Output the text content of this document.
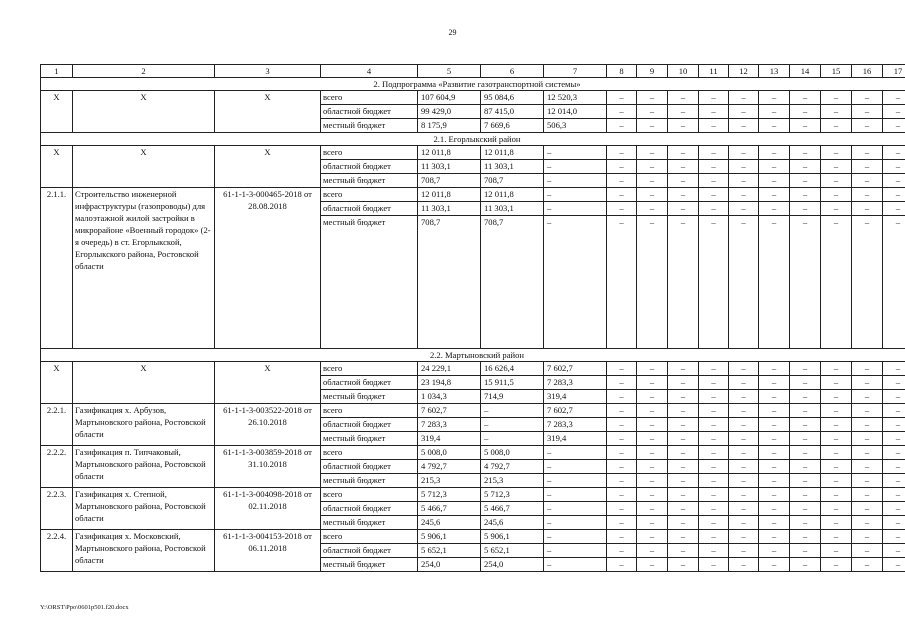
29
1	2	3	4	5	6	7	8	9	10	11	12	13	14	15	16	17
2. Подпрограмма «Развитие газотранспортной системы»																
X	X	X	всего	107 604,9	95 084,6	12 520,3	–	–	–	–	–	–	–	–	–	–
			областной бюджет	99 429,0	87 415,0	12 014,0	–	–	–	–	–	–	–	–	–	–
			местный бюджет	8 175,9	7 669,6	506,3	–	–	–	–	–	–	–	–	–	–
2.1. Егорлыкский район																
X	X	X	всего	12 011,8	12 011,8	–	–	–	–	–	–	–	–	–	–	–
			областной бюджет	11 303,1	11 303,1	–	–	–	–	–	–	–	–	–	–	–
			местный бюджет	708,7	708,7	–	–	–	–	–	–	–	–	–	–	–
2.1.1.	Строительство инженерной инфраструктуры (газопроводы) для малоэтажной жилой застройки в микрорайоне «Военный городок» (2-я очередь) в ст. Егорлыкской, Егорлыкского района, Ростовской области	61-1-1-3-000465-2018 от 28.08.2018	всего	12 011,8	12 011,8	–	–	–	–	–	–	–	–	–	–	–
			областной бюджет	11 303,1	11 303,1	–	–	–	–	–	–	–	–	–	–	–
			местный бюджет	708,7	708,7	–	–	–	–	–	–	–	–	–	–	–
2.2. Мартыновский район																
X	X	X	всего	24 229,1	16 626,4	7 602,7	–	–	–	–	–	–	–	–	–	–
			областной бюджет	23 194,8	15 911,5	7 283,3	–	–	–	–	–	–	–	–	–	–
			местный бюджет	1 034,3	714,9	319,4	–	–	–	–	–	–	–	–	–	–
2.2.1.	Газификация х. Арбузов, Мартыновского района, Ростовской области	61-1-1-3-003522-2018 от 26.10.2018	всего	7 602,7	–	7 602,7	–	–	–	–	–	–	–	–	–	–
			областной бюджет	7 283,3	–	7 283,3	–	–	–	–	–	–	–	–	–	–
			местный бюджет	319,4	–	319,4	–	–	–	–	–	–	–	–	–	–
2.2.2.	Газификация п. Типчаковый, Мартыновского района, Ростовской области	61-1-1-3-003859-2018 от 31.10.2018	всего	5 008,0	5 008,0	–	–	–	–	–	–	–	–	–	–	–
			областной бюджет	4 792,7	4 792,7	–	–	–	–	–	–	–	–	–	–	–
			местный бюджет	215,3	215,3	–	–	–	–	–	–	–	–	–	–	–
2.2.3.	Газификация х. Степной, Мартыновского района, Ростовской области	61-1-1-3-004098-2018 от 02.11.2018	всего	5 712,3	5 712,3	–	–	–	–	–	–	–	–	–	–	–
			областной бюджет	5 466,7	5 466,7	–	–	–	–	–	–	–	–	–	–	–
			местный бюджет	245,6	245,6	–	–	–	–	–	–	–	–	–	–	–
2.2.4.	Газификация х. Московский, Мартыновского района, Ростовской области	61-1-1-3-004153-2018 от 06.11.2018	всего	5 906,1	5 906,1	–	–	–	–	–	–	–	–	–	–	–
			областной бюджет	5 652,1	5 652,1	–	–	–	–	–	–	–	–	–	–	–
			местный бюджет	254,0	254,0	–	–	–	–	–	–	–	–	–	–	–
Y:\ORST\Ppo\0601p501.f20.docx
